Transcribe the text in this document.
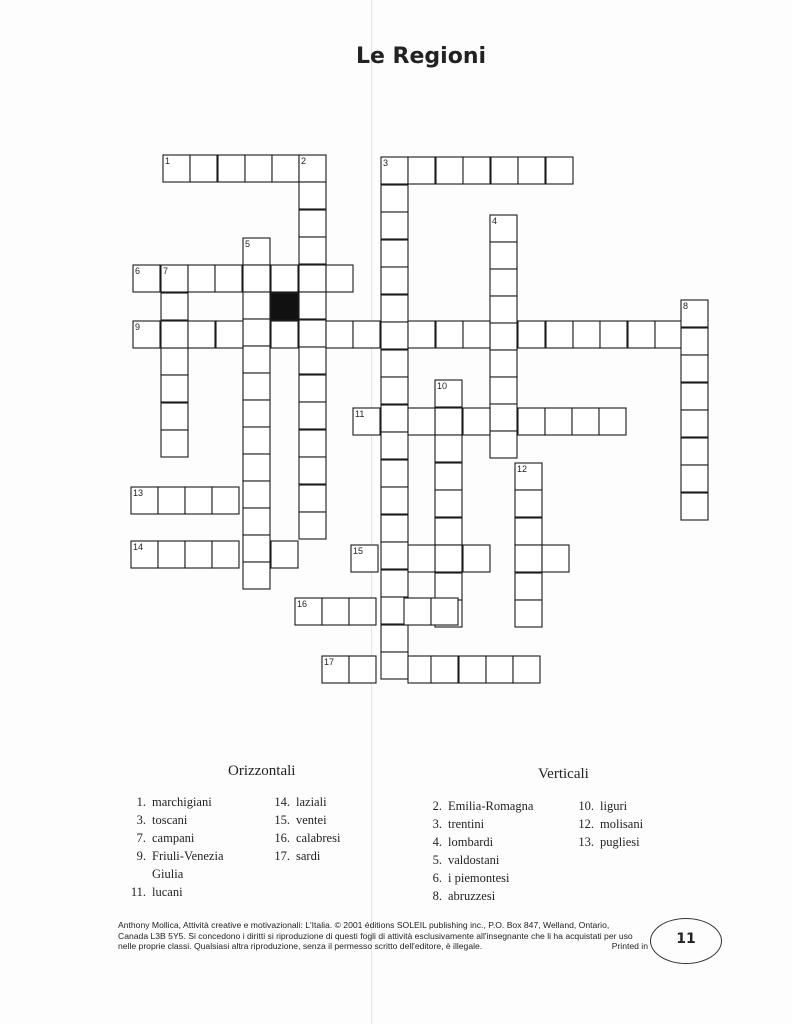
Le Regioni
1	2	3
4
5
6	7
8
9
10
11
12
13
14	15
16
17
Orizzontali
1. marchigiani
3. toscani
7. campani
9. Friuli-Venezia
Giulia
11. lucani
14. laziali
15. ventei
16. calabresi
17. sardi
Verticali
2. Emilia-Romagna
3. trentini
4. lombardi
5. valdostani
6. i piemontesi
8. abruzzesi
10. liguri
12. molisani
13. pugliesi
Anthony Mollica, Attività creative e motivazionali: L'Italia. © 2001 éditions SOLEIL publishing inc., P.O. Box 847, Welland, Ontario,
Canada L3B 5Y5. Si concedono i diritti si riproduzione di questi fogli di attività esclusivamente all'insegnante che li ha acquistati per uso
nelle proprie classi. Qualsiasi altra riproduzione, senza il permesso scritto dell'editore, è illegale.	Printed in	11
